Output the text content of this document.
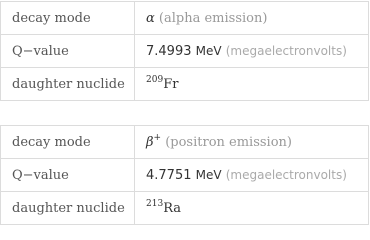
decay mode	α (alpha emission)
Q−value	7.4993 MeV (megaelectronvolts)
daughter nuclide	$^{209}$Fr
decay mode	β+ (positron emission)
Q−value	4.7751 MeV (megaelectronvolts)
daughter nuclide	$^{213}$Ra
